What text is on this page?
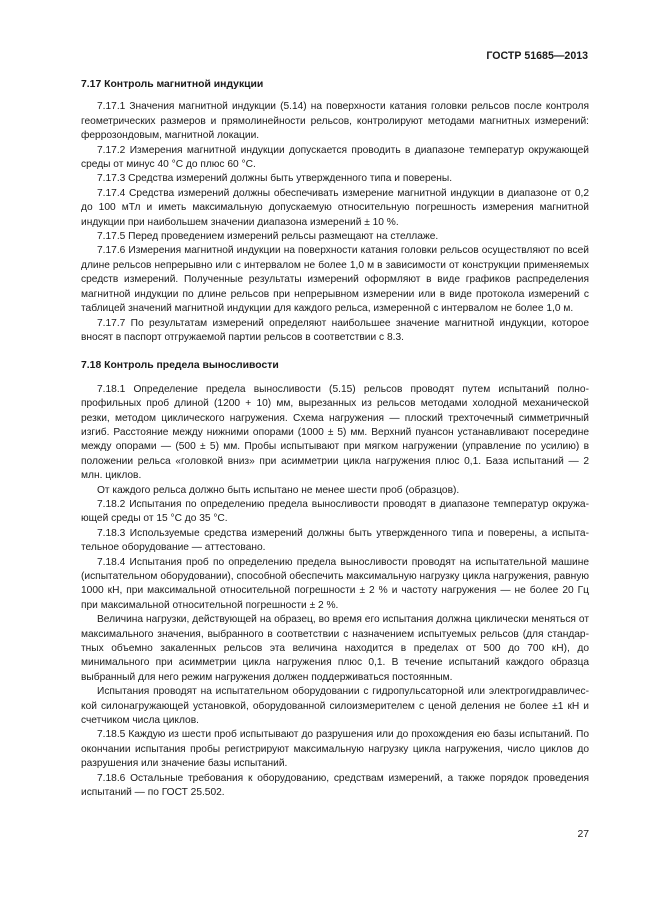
ГОСТР 51685—2013
7.17 Контроль магнитной индукции

7.17.1 Значения магнитной индукции (5.14) на поверхности катания головки рельсов после контроля геометрических размеров и прямолинейности рельсов, контролируют методами магнитных измерений: феррозондовым, магнитной локации.

7.17.2 Измерения магнитной индукции допускается проводить в диапазоне температур окружающей среды от минус 40 °С до плюс 60 °С.

7.17.3 Средства измерений должны быть утвержденного типа и поверены.

7.17.4 Средства измерений должны обеспечивать измерение магнитной индукции в диапазоне от 0,2 до 100 мТл и иметь максимальную допускаемую относительную погрешность измерения магнитной индукции при наибольшем значении диапазона измерений ± 10 %.

7.17.5 Перед проведением измерений рельсы размещают на стеллаже.

7.17.6 Измерения магнитной индукции на поверхности катания головки рельсов осуществляют по всей длине рельсов непрерывно или с интервалом не более 1,0 м в зависимости от конструкции применяемых средств измерений. Полученные результаты измерений оформляют в виде графиков распределения магнитной индукции по длине рельсов при непрерывном измерении или в виде протокола измерений с таблицей значений магнитной индукции для каждого рельса, измеренной с интервалом не более 1,0 м.

7.17.7 По результатам измерений определяют наибольшее значение магнитной индукции, которое вносят в паспорт отгружаемой партии рельсов в соответствии с 8.3.

7.18 Контроль предела выносливости

7.18.1 Определение предела выносливости (5.15) рельсов проводят путем испытаний полнопрофильных проб длиной (1200 + 10) мм, вырезанных из рельсов методами холодной механической резки, методом циклического нагружения. Схема нагружения — плоский трехточечный симметричный изгиб. Расстояние между нижними опорами (1000 ± 5) мм. Верхний пуансон устанавливают посередине между опорами — (500 ± 5) мм. Пробы испытывают при мягком нагружении (управление по усилию) в положении рельса «головкой вниз» при асимметрии цикла нагружения плюс 0,1. База испытаний — 2 млн. циклов.

От каждого рельса должно быть испытано не менее шести проб (образцов).

7.18.2 Испытания по определению предела выносливости проводят в диапазоне температур окружающей среды от 15 °С до 35 °С.

7.18.3 Используемые средства измерений должны быть утвержденного типа и поверены, а испытательное оборудование — аттестовано.

7.18.4 Испытания проб по определению предела выносливости проводят на испытательной машине (испытательном оборудовании), способной обеспечить максимальную нагрузку цикла нагружения, равную 1000 кН, при максимальной относительной погрешности ± 2 % и частоту нагружения — не более 20 Гц при максимальной относительной погрешности ± 2 %.

Величина нагрузки, действующей на образец, во время его испытания должна циклически меняться от максимального значения, выбранного в соответствии с назначением испытуемых рельсов (для стандартных объемно закаленных рельсов эта величина находится в пределах от 500 до 700 кН), до минимального при асимметрии цикла нагружения плюс 0,1. В течение испытаний каждого образца выбранный для него режим нагружения должен поддерживаться постоянным.

Испытания проводят на испытательном оборудовании с гидропульсаторной или электрогидравлической силонагружающей установкой, оборудованной силоизмерителем с ценой деления не более ±1 кН и счетчиком числа циклов.

7.18.5 Каждую из шести проб испытывают до разрушения или до прохождения ею базы испытаний. По окончании испытания пробы регистрируют максимальную нагрузку цикла нагружения, число циклов до разрушения или значение базы испытаний.

7.18.6 Остальные требования к оборудованию, средствам измерений, а также порядок проведения испытаний — по ГОСТ 25.502.

27
